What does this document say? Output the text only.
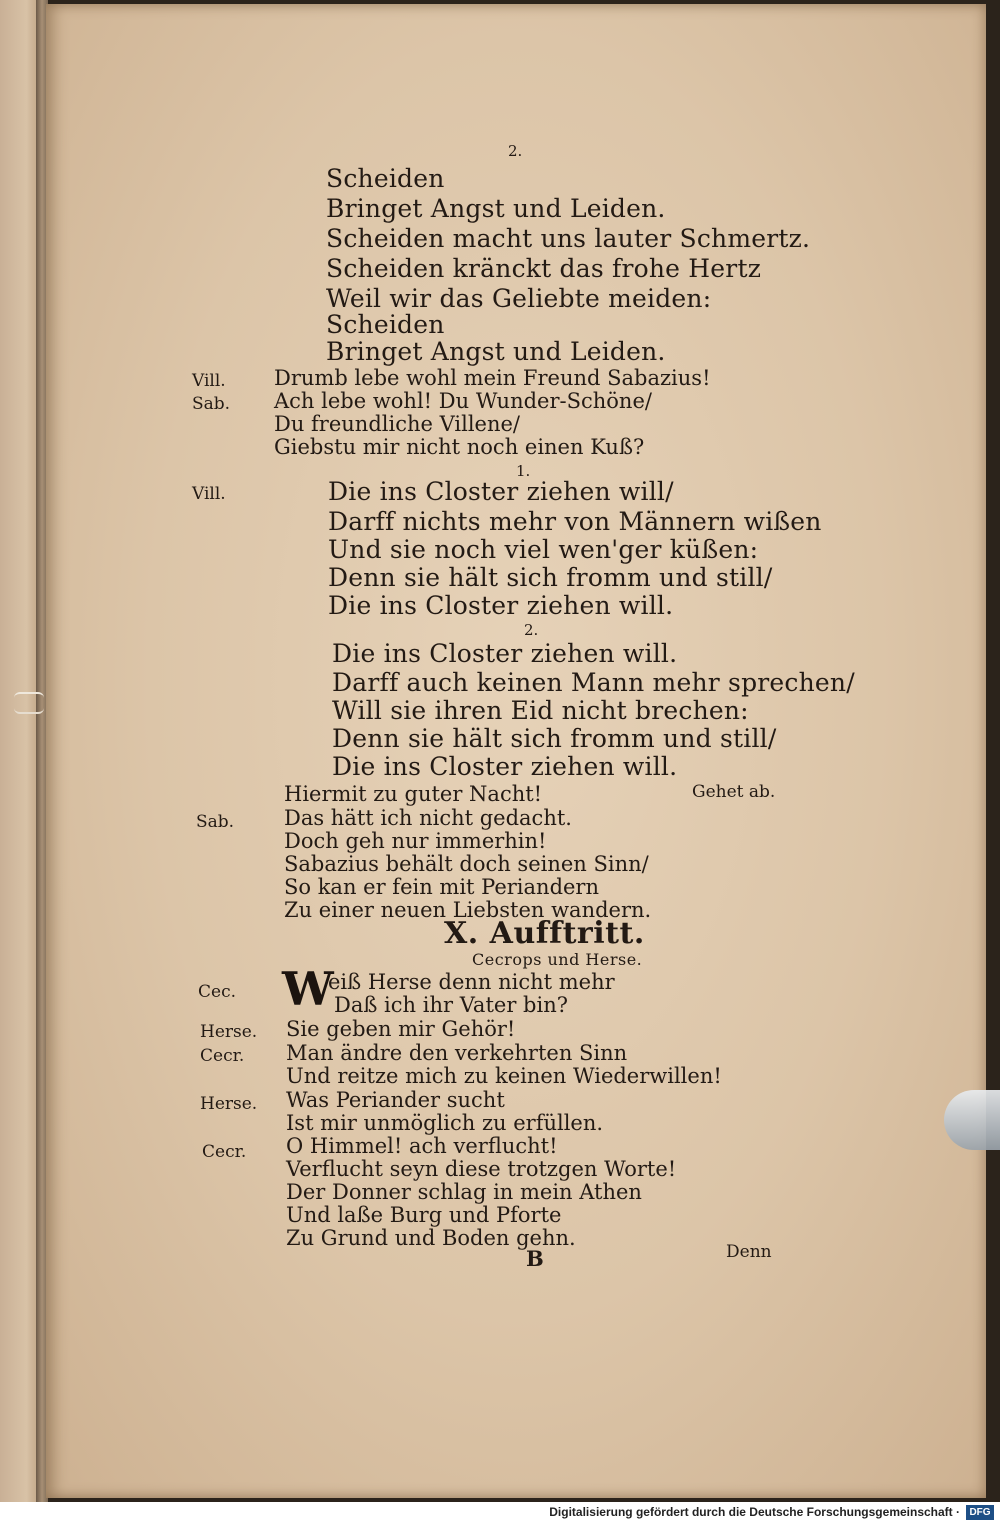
2.
Scheiden
Bringet Angst und Leiden.
Scheiden macht uns lauter Schmertz.
Scheiden kränckt das frohe Hertz
Weil wir das Geliebte meiden:
Scheiden
Bringet Angst und Leiden.
Vill. Drumb lebe wohl mein Freund Sabazius!
Sab. Ach lebe wohl! Du Wunder-Schöne/
Du freundliche Villene/
Giebstu mir nicht noch einen Kuß?
1.
Vill.	Die ins Closter ziehen will/
Darff nichts mehr von Männern wißen
Und sie noch viel wen'ger küßen:
Denn sie hält sich fromm und still/
Die ins Closter ziehen will.
2.
Die ins Closter ziehen will.
Darff auch keinen Mann mehr sprechen/
Will sie ihren Eid nicht brechen:
Denn sie hält sich fromm und still/
Die ins Closter ziehen will.
Hiermit zu guter Nacht!	Gehet ab.
Sab. Das hätt ich nicht gedacht.
Doch geh nur immerhin!
Sabazius behält doch seinen Sinn/
So kan er fein mit Periandern
Zu einer neuen Liebsten wandern.
X. Aufftritt.
Cecrops und Herse.
Cec. W
eiß Herse denn nicht mehr
Daß ich ihr Vater bin?
Herse. Sie geben mir Gehör!
Cecr. Man ändre den verkehrten Sinn
Und reitze mich zu keinen Wiederwillen!
Herse. Was Periander sucht
Ist mir unmöglich zu erfüllen.
Cecr. O Himmel! ach verflucht!
Verflucht seyn diese trotzgen Worte!
Der Donner schlag in mein Athen
Und laße Burg und Pforte
Zu Grund und Boden gehn.
B	Denn
Digitalisierung gefördert durch die Deutsche Forschungsgemeinschaft · DFG
